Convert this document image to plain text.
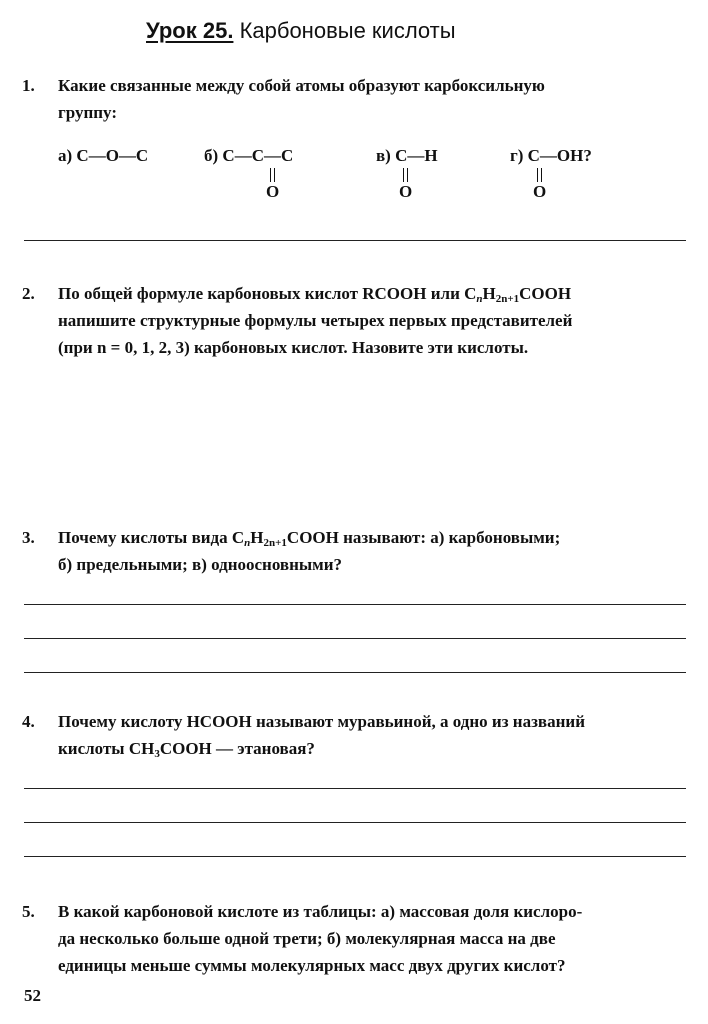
Урок 25. Карбоновые кислоты
1. Какие связанные между собой атомы образуют карбоксильную
группу:
а) C—O—C	б) C—C—C
O
в) C—H
O
г) C—OH?
O
2. По общей формуле карбоновых кислот RCOOH или $C_nH_{2n+1}COOH$
напишите структурные формулы четырех первых представителей
(при n = 0, 1, 2, 3) карбоновых кислот. Назовите эти кислоты.
3. Почему кислоты вида $C_nH_{2n+1}COOH$ называют: а) карбоновыми;
б) предельными; в) одноосновными?
4. Почему кислоту HCOOH называют муравьиной, а одно из названий
кислоты $CH_3COOH$ — этановая?
5. В какой карбоновой кислоте из таблицы: а) массовая доля кислоро-
да несколько больше одной трети; б) молекулярная масса на две
единицы меньше суммы молекулярных масс двух других кислот?
52
